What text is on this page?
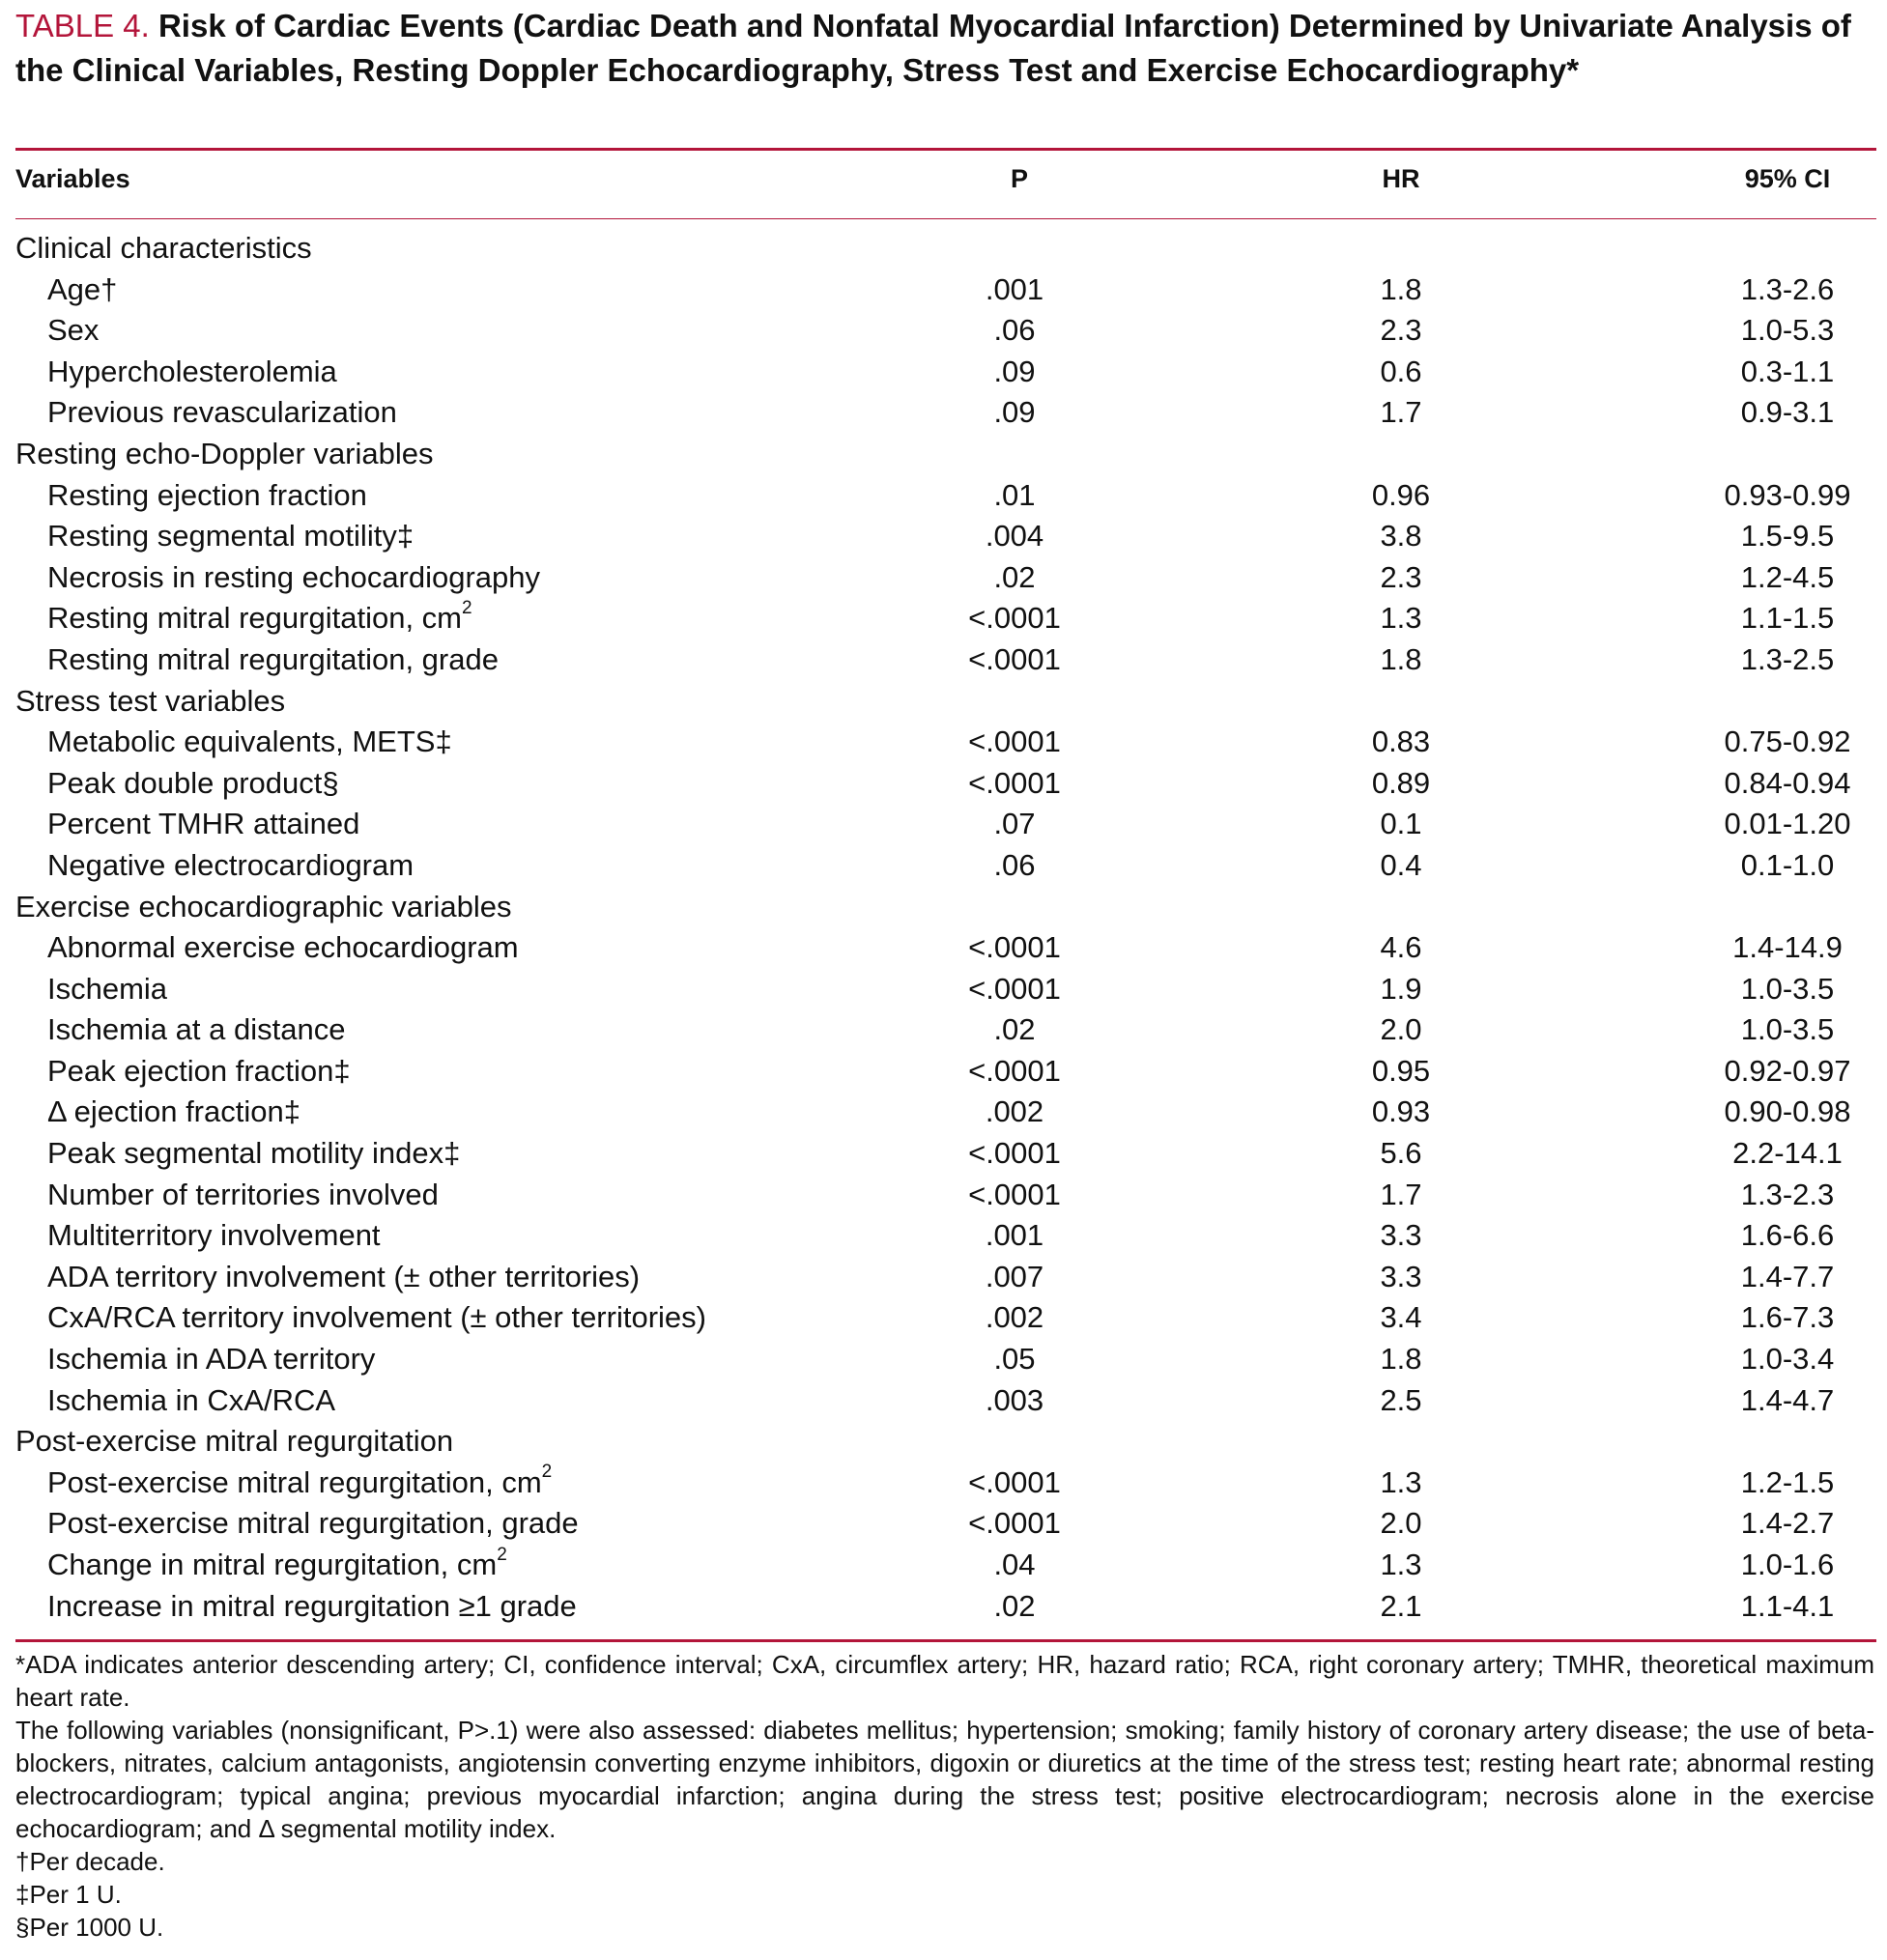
TABLE 4. Risk of Cardiac Events (Cardiac Death and Nonfatal Myocardial Infarction) Determined by Univariate Analysis of the Clinical Variables, Resting Doppler Echocardiography, Stress Test and Exercise Echocardiography*
Variables	P	HR	95% CI
Clinical characteristics
Age†	.001	1.8	1.3-2.6
Sex	.06	2.3	1.0-5.3
Hypercholesterolemia	.09	0.6	0.3-1.1
Previous revascularization	.09	1.7	0.9-3.1
Resting echo-Doppler variables
Resting ejection fraction	.01	0.96	0.93-0.99
Resting segmental motility‡	.004	3.8	1.5-9.5
Necrosis in resting echocardiography	.02	2.3	1.2-4.5
Resting mitral regurgitation, $cm^2$	<.0001	1.3	1.1-1.5
Resting mitral regurgitation, grade	<.0001	1.8	1.3-2.5
Stress test variables
Metabolic equivalents, METS‡	<.0001	0.83	0.75-0.92
Peak double product§	<.0001	0.89	0.84-0.94
Percent TMHR attained	.07	0.1	0.01-1.20
Negative electrocardiogram	.06	0.4	0.1-1.0
Exercise echocardiographic variables
Abnormal exercise echocardiogram	<.0001	4.6	1.4-14.9
Ischemia	<.0001	1.9	1.0-3.5
Ischemia at a distance	.02	2.0	1.0-3.5
Peak ejection fraction‡	<.0001	0.95	0.92-0.97
Δ ejection fraction‡	.002	0.93	0.90-0.98
Peak segmental motility index‡	<.0001	5.6	2.2-14.1
Number of territories involved	<.0001	1.7	1.3-2.3
Multiterritory involvement	.001	3.3	1.6-6.6
ADA territory involvement (± other territories)	.007	3.3	1.4-7.7
CxA/RCA territory involvement (± other territories)	.002	3.4	1.6-7.3
Ischemia in ADA territory	.05	1.8	1.0-3.4
Ischemia in CxA/RCA	.003	2.5	1.4-4.7
Post-exercise mitral regurgitation
Post-exercise mitral regurgitation, $cm^2$	<.0001	1.3	1.2-1.5
Post-exercise mitral regurgitation, grade	<.0001	2.0	1.4-2.7
Change in mitral regurgitation, $cm^2$	.04	1.3	1.0-1.6
Increase in mitral regurgitation ≥1 grade	.02	2.1	1.1-4.1

*ADA indicates anterior descending artery; CI, confidence interval; CxA, circumflex artery; HR, hazard ratio; RCA, right coronary artery; TMHR, theoretical maximum heart rate.

The following variables (nonsignificant, P>.1) were also assessed: diabetes mellitus; hypertension; smoking; family history of coronary artery disease; the use of beta-blockers, nitrates, calcium antagonists, angiotensin converting enzyme inhibitors, digoxin or diuretics at the time of the stress test; resting heart rate; abnormal resting electrocardiogram; typical angina; previous myocardial infarction; angina during the stress test; positive electrocardiogram; necrosis alone in the exercise echocardiogram; and Δ segmental motility index.

†Per decade.

‡Per 1 U.

§Per 1000 U.
